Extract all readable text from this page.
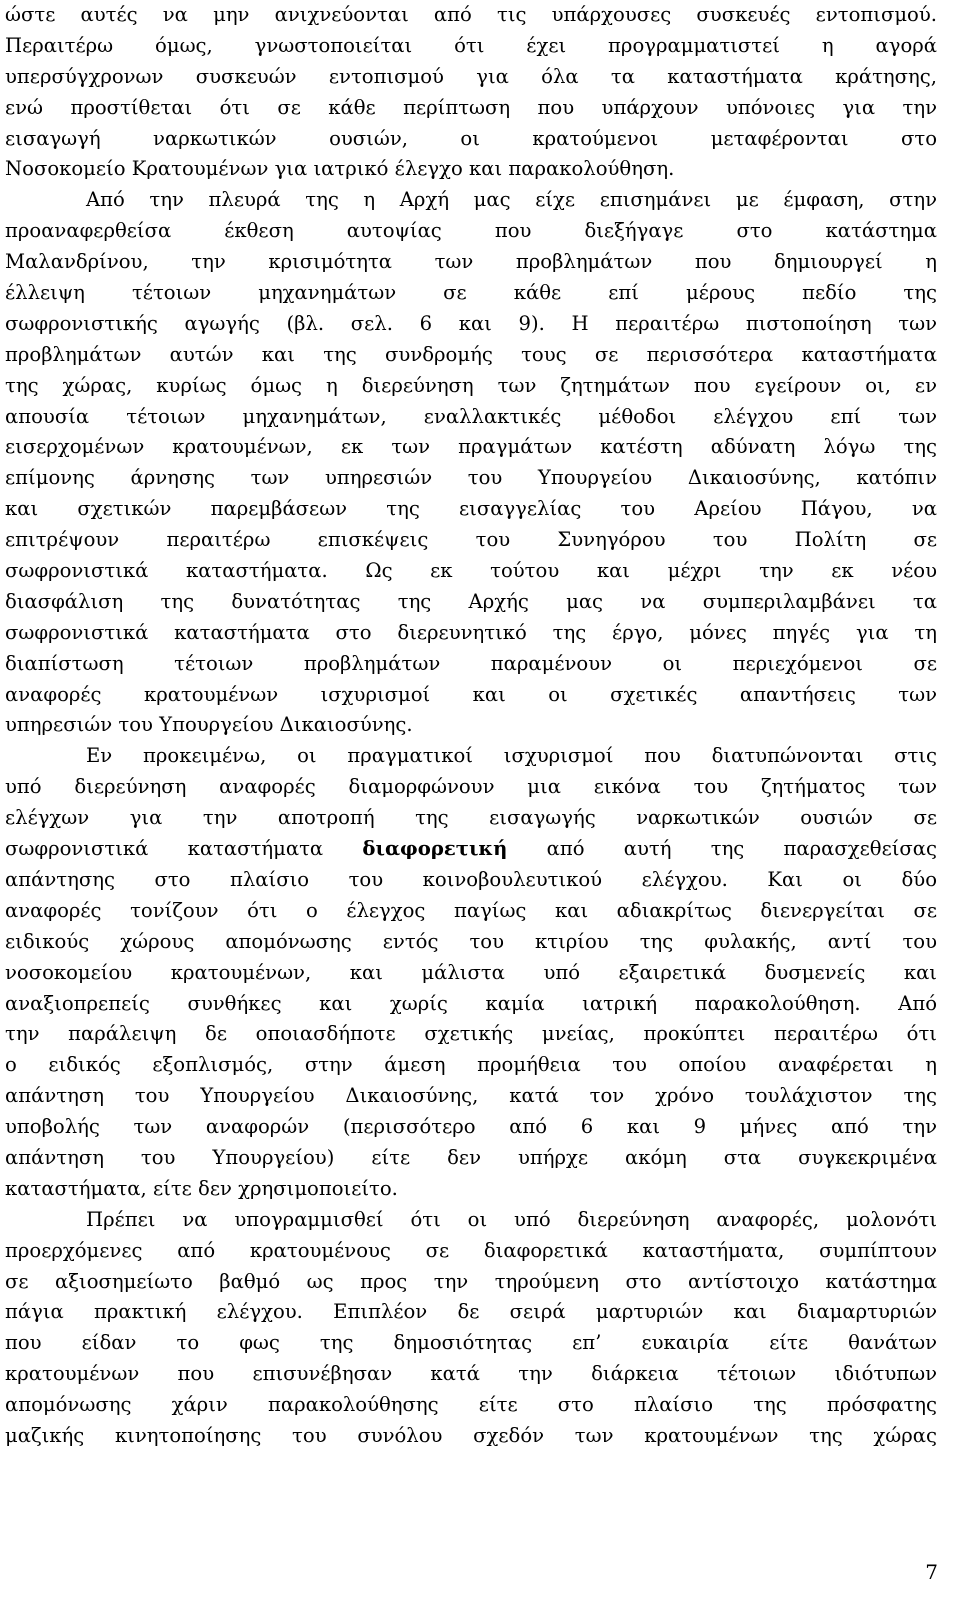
ώστε αυτές να μην ανιχνεύονται από τις υπάρχουσες συσκευές εντοπισμού.
Περαιτέρω όμως, γνωστοποιείται ότι έχει προγραμματιστεί η αγορά
υπερσύγχρονων συσκευών εντοπισμού για όλα τα καταστήματα κράτησης,
ενώ προστίθεται ότι σε κάθε περίπτωση που υπάρχουν υπόνοιες για την
εισαγωγή ναρκωτικών ουσιών, οι κρατούμενοι μεταφέρονται στο
Νοσοκομείο Κρατουμένων για ιατρικό έλεγχο και παρακολούθηση.
Από την πλευρά της η Αρχή μας είχε επισημάνει με έμφαση, στην
προαναφερθείσα έκθεση αυτοψίας που διεξήγαγε στο κατάστημα
Μαλανδρίνου, την κρισιμότητα των προβλημάτων που δημιουργεί η
έλλειψη τέτοιων μηχανημάτων σε κάθε επί μέρους πεδίο της
σωφρονιστικής αγωγής (βλ. σελ. 6 και 9). Η περαιτέρω πιστοποίηση των
προβλημάτων αυτών και της συνδρομής τους σε περισσότερα καταστήματα
της χώρας, κυρίως όμως η διερεύνηση των ζητημάτων που εγείρουν οι, εν
απουσία τέτοιων μηχανημάτων, εναλλακτικές μέθοδοι ελέγχου επί των
εισερχομένων κρατουμένων, εκ των πραγμάτων κατέστη αδύνατη λόγω της
επίμονης άρνησης των υπηρεσιών του Υπουργείου Δικαιοσύνης, κατόπιν
και σχετικών παρεμβάσεων της εισαγγελίας του Αρείου Πάγου, να
επιτρέψουν περαιτέρω επισκέψεις του Συνηγόρου του Πολίτη σε
σωφρονιστικά καταστήματα. Ως εκ τούτου και μέχρι την εκ νέου
διασφάλιση της δυνατότητας της Αρχής μας να συμπεριλαμβάνει τα
σωφρονιστικά καταστήματα στο διερευνητικό της έργο, μόνες πηγές για τη
διαπίστωση τέτοιων προβλημάτων παραμένουν οι περιεχόμενοι σε
αναφορές κρατουμένων ισχυρισμοί και οι σχετικές απαντήσεις των
υπηρεσιών του Υπουργείου Δικαιοσύνης.
Εν προκειμένω, οι πραγματικοί ισχυρισμοί που διατυπώνονται στις
υπό διερεύνηση αναφορές διαμορφώνουν μια εικόνα του ζητήματος των
ελέγχων για την αποτροπή της εισαγωγής ναρκωτικών ουσιών σε
σωφρονιστικά καταστήματα διαφορετική από αυτή της παρασχεθείσας
απάντησης στο πλαίσιο του κοινοβουλευτικού ελέγχου. Και οι δύο
αναφορές τονίζουν ότι ο έλεγχος παγίως και αδιακρίτως διενεργείται σε
ειδικούς χώρους απομόνωσης εντός του κτιρίου της φυλακής, αντί του
νοσοκομείου κρατουμένων, και μάλιστα υπό εξαιρετικά δυσμενείς και
αναξιοπρεπείς συνθήκες και χωρίς καμία ιατρική παρακολούθηση. Από
την παράλειψη δε οποιασδήποτε σχετικής μνείας, προκύπτει περαιτέρω ότι
ο ειδικός εξοπλισμός, στην άμεση προμήθεια του οποίου αναφέρεται η
απάντηση του Υπουργείου Δικαιοσύνης, κατά τον χρόνο τουλάχιστον της
υποβολής των αναφορών (περισσότερο από 6 και 9 μήνες από την
απάντηση του Υπουργείου) είτε δεν υπήρχε ακόμη στα συγκεκριμένα
καταστήματα, είτε δεν χρησιμοποιείτο.
Πρέπει να υπογραμμισθεί ότι οι υπό διερεύνηση αναφορές, μολονότι
προερχόμενες από κρατουμένους σε διαφορετικά καταστήματα, συμπίπτουν
σε αξιοσημείωτο βαθμό ως προς την τηρούμενη στο αντίστοιχο κατάστημα
πάγια πρακτική ελέγχου. Επιπλέον δε σειρά μαρτυριών και διαμαρτυριών
που είδαν το φως της δημοσιότητας επ’ ευκαιρία είτε θανάτων
κρατουμένων που επισυνέβησαν κατά την διάρκεια τέτοιων ιδιότυπων
απομόνωσης χάριν παρακολούθησης είτε στο πλαίσιο της πρόσφατης
μαζικής κινητοποίησης του συνόλου σχεδόν των κρατουμένων της χώρας
7
